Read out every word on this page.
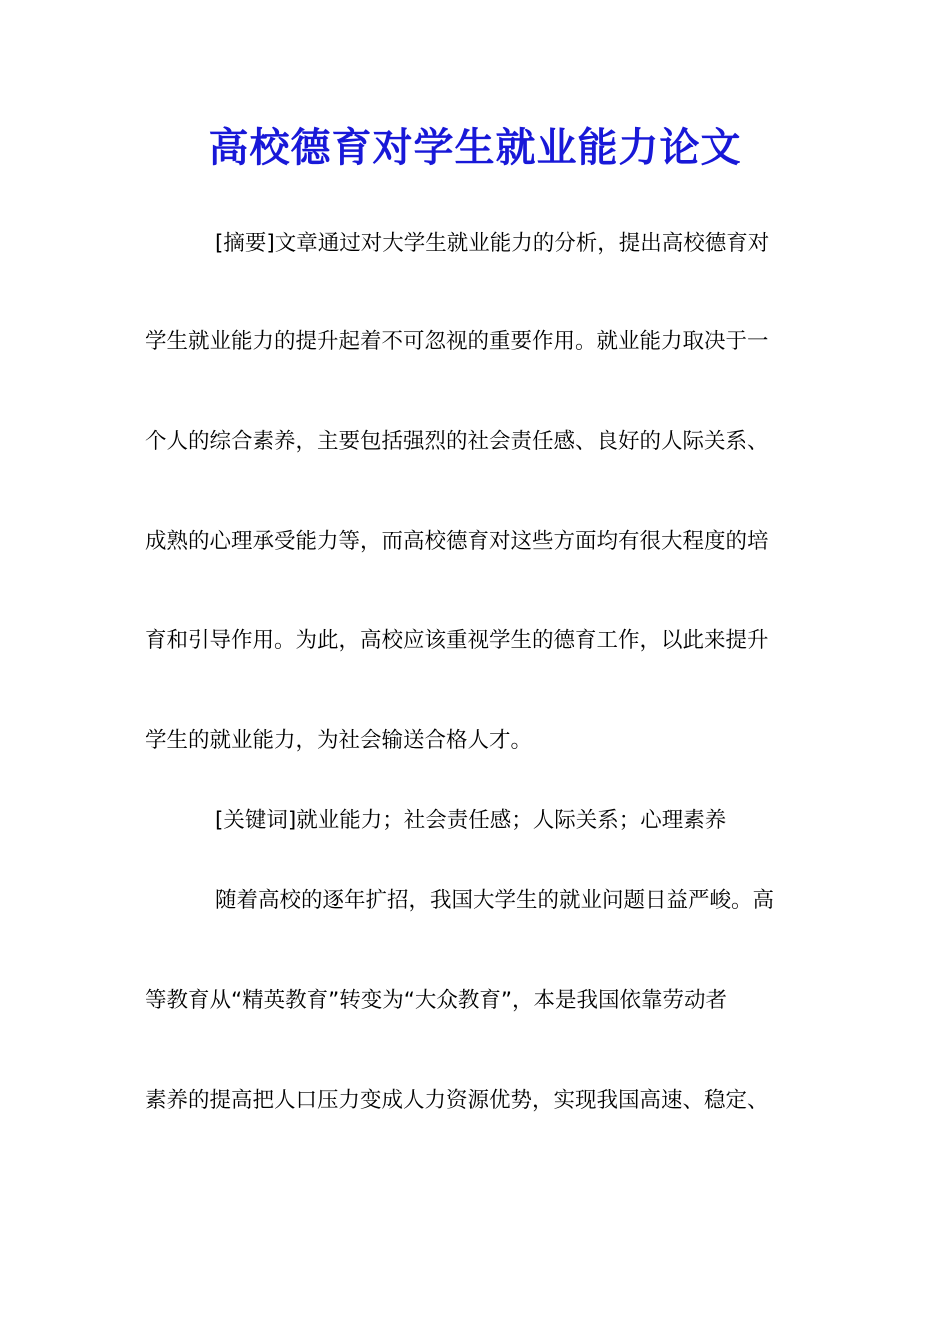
高校德育对学生就业能力论文
[摘要]文章通过对大学生就业能力的分析，提出高校德育对
学生就业能力的提升起着不可忽视的重要作用。就业能力取决于一
个人的综合素养，主要包括强烈的社会责任感、良好的人际关系、
成熟的心理承受能力等，而高校德育对这些方面均有很大程度的培
育和引导作用。为此，高校应该重视学生的德育工作，以此来提升
学生的就业能力，为社会输送合格人才。
[关键词]就业能力；社会责任感；人际关系；心理素养
随着高校的逐年扩招，我国大学生的就业问题日益严峻。高
等教育从“精英教育”转变为“大众教育”，本是我国依靠劳动者
素养的提高把人口压力变成人力资源优势，实现我国高速、稳定、
